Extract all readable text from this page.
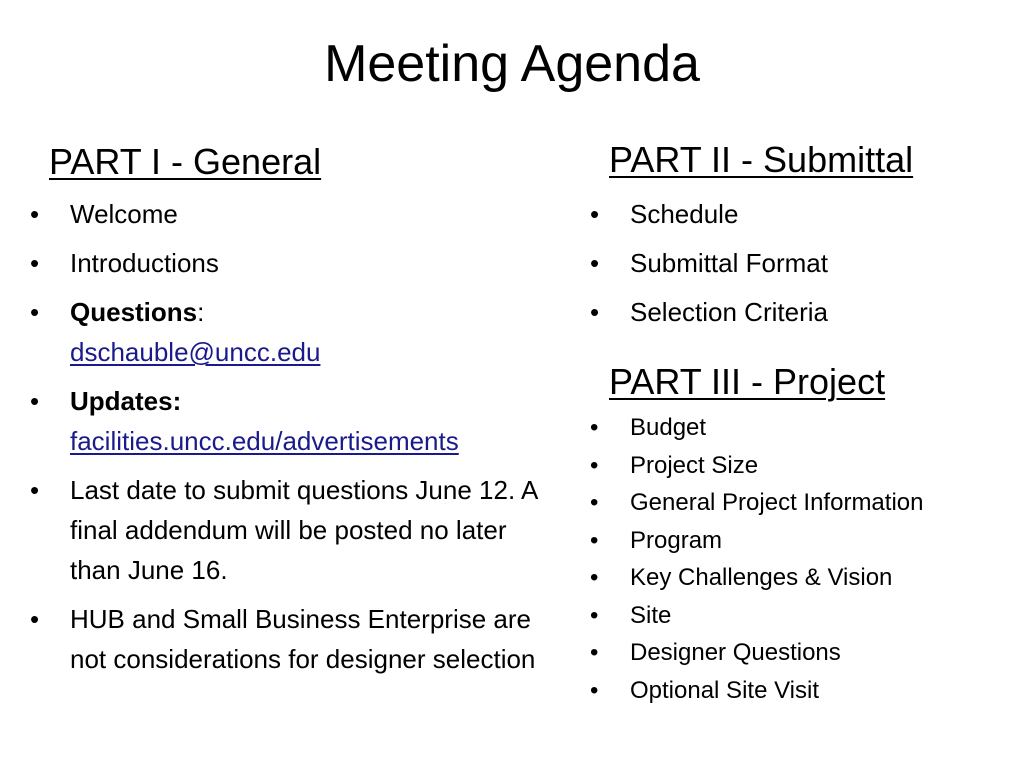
Meeting Agenda
PART I - General
• Welcome
• Introductions
• Questions:
dschauble@uncc.edu
• Updates:
facilities.uncc.edu/advertisements
• Last date to submit questions June 12. A final addendum will be posted no later than June 16.
• HUB and Small Business Enterprise are not considerations for designer selection
PART II - Submittal
• Schedule
• Submittal Format
• Selection Criteria
PART III - Project
• Budget
• Project Size
• General Project Information
• Program
• Key Challenges & Vision
• Site
• Designer Questions
• Optional Site Visit
